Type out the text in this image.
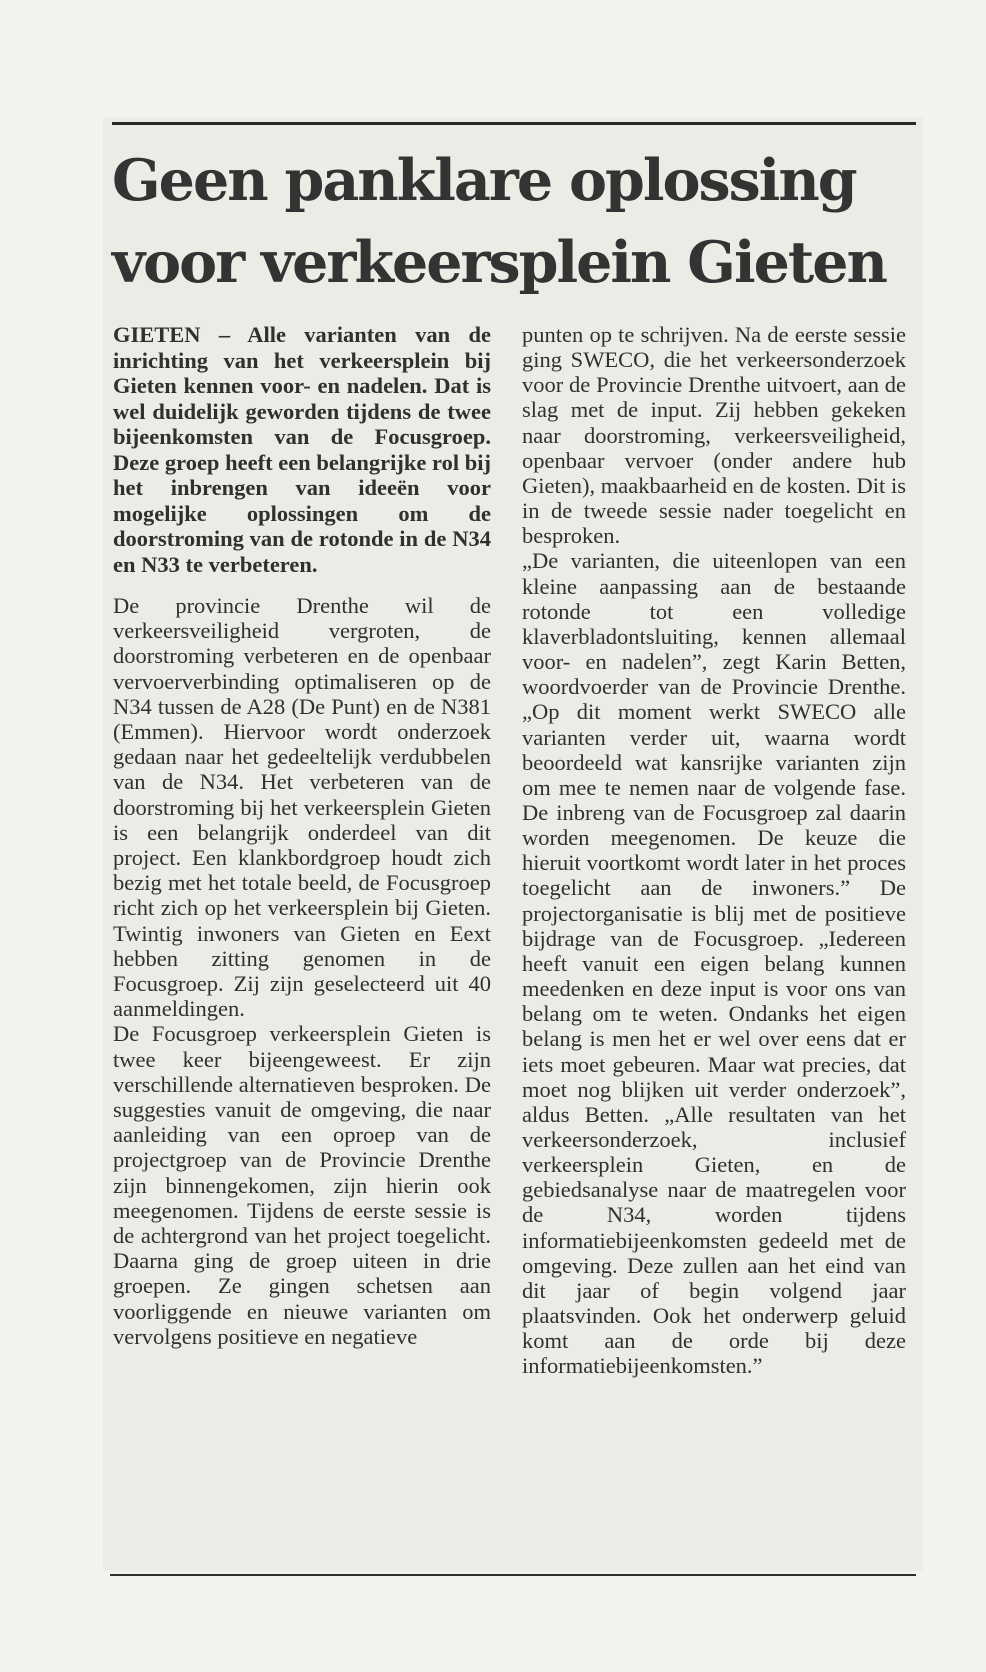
Geen panklare oplossing
voor verkeersplein Gieten

GIETEN – Alle varianten van de inrichting van het verkeersplein bij Gieten kennen voor- en nadelen. Dat is wel duidelijk geworden tijdens de twee bijeenkomsten van de Focusgroep. Deze groep heeft een belangrijke rol bij het inbrengen van ideeën voor mogelijke oplossingen om de doorstroming van de rotonde in de N34 en N33 te verbeteren.

De provincie Drenthe wil de verkeersveiligheid vergroten, de doorstroming verbeteren en de openbaar vervoerverbinding optimaliseren op de N34 tussen de A28 (De Punt) en de N381 (Emmen). Hiervoor wordt onderzoek gedaan naar het gedeeltelijk verdubbelen van de N34. Het verbeteren van de doorstroming bij het verkeersplein Gieten is een belangrijk onderdeel van dit project. Een klankbordgroep houdt zich bezig met het totale beeld, de Focusgroep richt zich op het verkeersplein bij Gieten. Twintig inwoners van Gieten en Eext hebben zitting genomen in de Focusgroep. Zij zijn geselecteerd uit 40 aanmeldingen.

De Focusgroep verkeersplein Gieten is twee keer bijeengeweest. Er zijn verschillende alternatieven besproken. De suggesties vanuit de omgeving, die naar aanleiding van een oproep van de projectgroep van de Provincie Drenthe zijn binnengekomen, zijn hierin ook meegenomen. Tijdens de eerste sessie is de achtergrond van het project toegelicht. Daarna ging de groep uiteen in drie groepen. Ze gingen schetsen aan voorliggende en nieuwe varianten om vervolgens positieve en negatieve

punten op te schrijven. Na de eerste sessie ging SWECO, die het verkeersonderzoek voor de Provincie Drenthe uitvoert, aan de slag met de input. Zij hebben gekeken naar doorstroming, verkeersveiligheid, openbaar vervoer (onder andere hub Gieten), maakbaarheid en de kosten. Dit is in de tweede sessie nader toegelicht en besproken.

„De varianten, die uiteenlopen van een kleine aanpassing aan de bestaande rotonde tot een volledige klaverbladontsluiting, kennen allemaal voor- en nadelen”, zegt Karin Betten, woordvoerder van de Provincie Drenthe. „Op dit moment werkt SWECO alle varianten verder uit, waarna wordt beoordeeld wat kansrijke varianten zijn om mee te nemen naar de volgende fase. De inbreng van de Focusgroep zal daarin worden meegenomen. De keuze die hieruit voortkomt wordt later in het proces toegelicht aan de inwoners.” De projectorganisatie is blij met de positieve bijdrage van de Focusgroep. „Iedereen heeft vanuit een eigen belang kunnen meedenken en deze input is voor ons van belang om te weten. Ondanks het eigen belang is men het er wel over eens dat er iets moet gebeuren. Maar wat precies, dat moet nog blijken uit verder onderzoek”, aldus Betten. „Alle resultaten van het verkeersonderzoek, inclusief verkeersplein Gieten, en de gebiedsanalyse naar de maatregelen voor de N34, worden tijdens informatiebijeenkomsten gedeeld met de omgeving. Deze zullen aan het eind van dit jaar of begin volgend jaar plaatsvinden. Ook het onderwerp geluid komt aan de orde bij deze informatiebijeenkomsten.”
